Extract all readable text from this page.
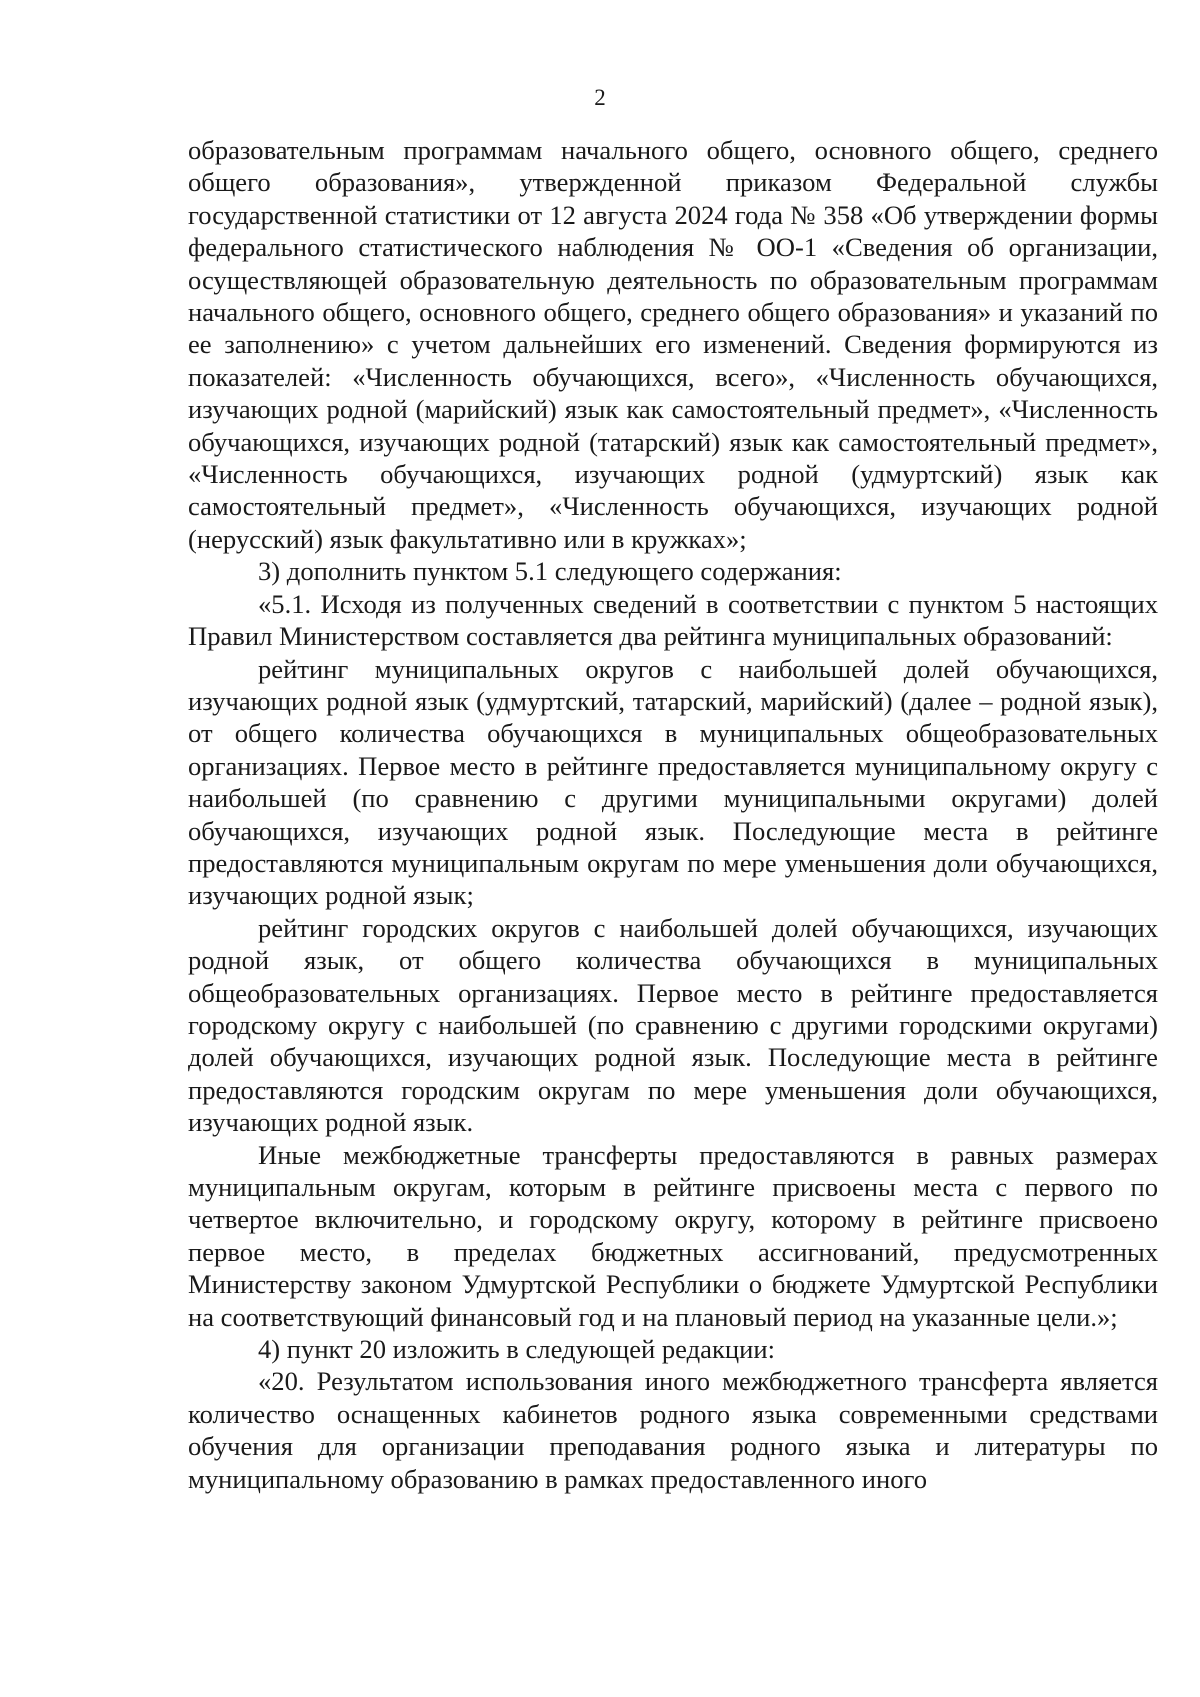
2

образовательным программам начального общего, основного общего, среднего общего образования», утвержденной приказом Федеральной службы государственной статистики от 12 августа 2024 года № 358 «Об утверждении формы федерального статистического наблюдения № ОО-1 «Сведения об организации, осуществляющей образовательную деятельность по образовательным программам начального общего, основного общего, среднего общего образования» и указаний по ее заполнению» с учетом дальнейших его изменений. Сведения формируются из показателей: «Численность обучающихся, всего», «Численность обучающихся, изучающих родной (марийский) язык как самостоятельный предмет», «Численность обучающихся, изучающих родной (татарский) язык как самостоятельный предмет», «Численность обучающихся, изучающих родной (удмуртский) язык как самостоятельный предмет», «Численность обучающихся, изучающих родной (нерусский) язык факультативно или в кружках»;

3) дополнить пунктом 5.1 следующего содержания:

«5.1. Исходя из полученных сведений в соответствии с пунктом 5 настоящих Правил Министерством составляется два рейтинга муниципальных образований:

рейтинг муниципальных округов с наибольшей долей обучающихся, изучающих родной язык (удмуртский, татарский, марийский) (далее – родной язык), от общего количества обучающихся в муниципальных общеобразовательных организациях. Первое место в рейтинге предоставляется муниципальному округу с наибольшей (по сравнению с другими муниципальными округами) долей обучающихся, изучающих родной язык. Последующие места в рейтинге предоставляются муниципальным округам по мере уменьшения доли обучающихся, изучающих родной язык;

рейтинг городских округов с наибольшей долей обучающихся, изучающих родной язык, от общего количества обучающихся в муниципальных общеобразовательных организациях. Первое место в рейтинге предоставляется городскому округу с наибольшей (по сравнению с другими городскими округами) долей обучающихся, изучающих родной язык. Последующие места в рейтинге предоставляются городским округам по мере уменьшения доли обучающихся, изучающих родной язык.

Иные межбюджетные трансферты предоставляются в равных размерах муниципальным округам, которым в рейтинге присвоены места с первого по четвертое включительно, и городскому округу, которому в рейтинге присвоено первое место, в пределах бюджетных ассигнований, предусмотренных Министерству законом Удмуртской Республики о бюджете Удмуртской Республики на соответствующий финансовый год и на плановый период на указанные цели.»;

4) пункт 20 изложить в следующей редакции:

«20. Результатом использования иного межбюджетного трансферта является количество оснащенных кабинетов родного языка современными средствами обучения для организации преподавания родного языка и литературы по муниципальному образованию в рамках предоставленного иного
